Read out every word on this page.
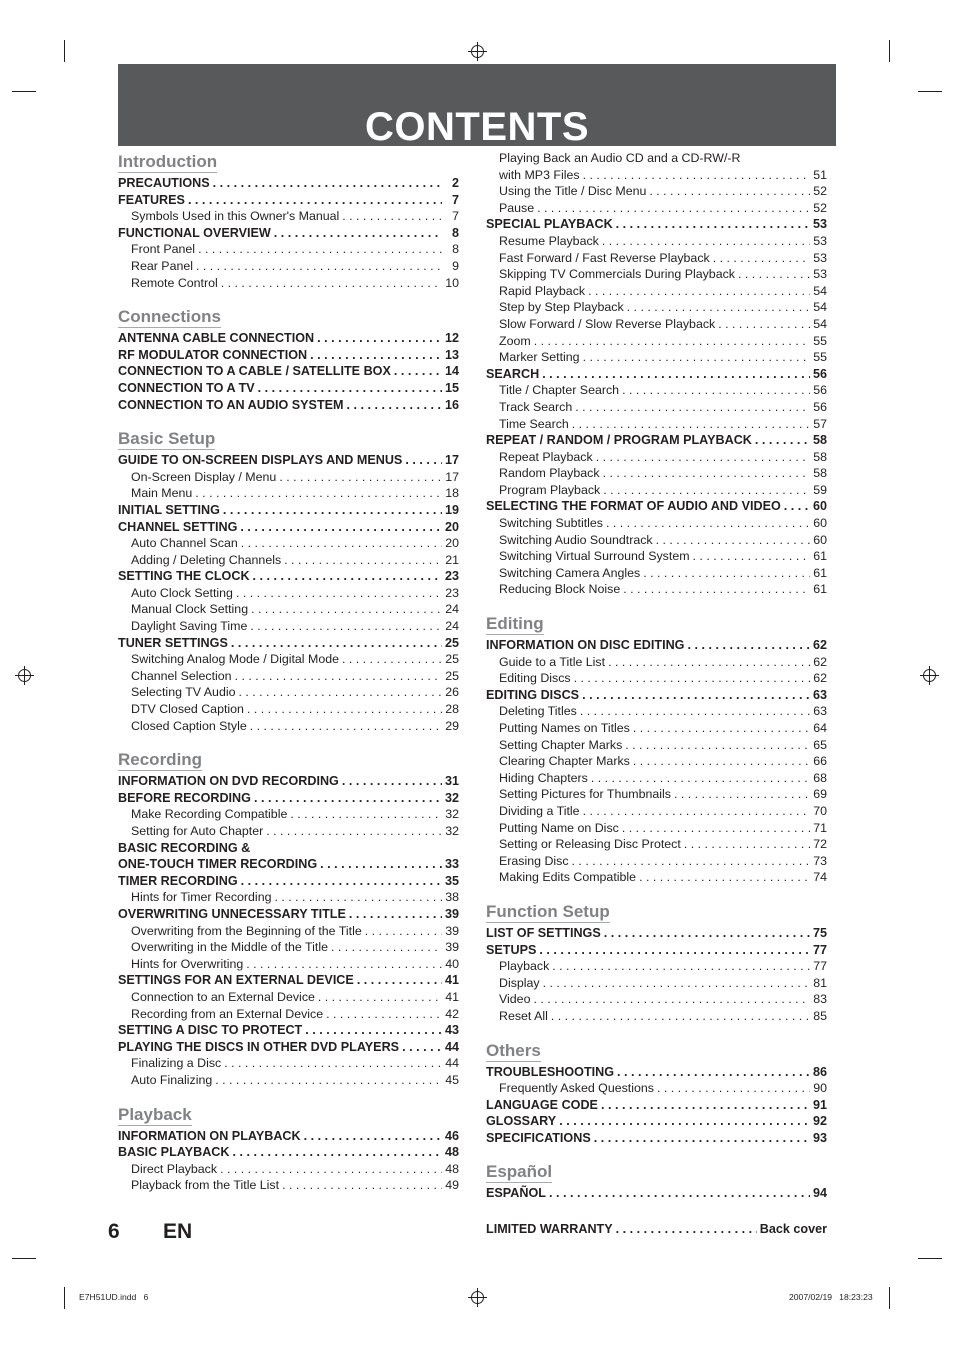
CONTENTS
Introduction
PRECAUTIONS . . .	2
FEATURES . . .	7
Symbols Used in this Owner's Manual . . .	7
FUNCTIONAL OVERVIEW . . .	8
Front Panel . . .	8
Rear Panel . . .	9
Remote Control . . .	10
Connections
ANTENNA CABLE CONNECTION . . .	12
RF MODULATOR CONNECTION . . .	13
CONNECTION TO A CABLE / SATELLITE BOX . . .	14
CONNECTION TO A TV . . .	15
CONNECTION TO AN AUDIO SYSTEM . . .	16
Basic Setup
GUIDE TO ON-SCREEN DISPLAYS AND MENUS . . .	17
On-Screen Display / Menu . . .	17
Main Menu . . .	18
INITIAL SETTING . . .	19
CHANNEL SETTING . . .	20
Auto Channel Scan . . .	20
Adding / Deleting Channels . . .	21
SETTING THE CLOCK . . .	23
Auto Clock Setting . . .	23
Manual Clock Setting . . .	24
Daylight Saving Time . . .	24
TUNER SETTINGS . . .	25
Switching Analog Mode / Digital Mode . . .	25
Channel Selection . . .	25
Selecting TV Audio . . .	26
DTV Closed Caption . . .	28
Closed Caption Style . . .	29
Recording
INFORMATION ON DVD RECORDING . . .	31
BEFORE RECORDING . . .	32
Make Recording Compatible . . .	32
Setting for Auto Chapter . . .	32
BASIC RECORDING &
ONE-TOUCH TIMER RECORDING . . .	33
TIMER RECORDING . . .	35
Hints for Timer Recording . . .	38
OVERWRITING UNNECESSARY TITLE . . .	39
Overwriting from the Beginning of the Title . . .	39
Overwriting in the Middle of the Title . . .	39
Hints for Overwriting . . .	40
SETTINGS FOR AN EXTERNAL DEVICE . . .	41
Connection to an External Device . . .	41
Recording from an External Device . . .	42
SETTING A DISC TO PROTECT . . .	43
PLAYING THE DISCS IN OTHER DVD PLAYERS . . .	44
Finalizing a Disc . . .	44
Auto Finalizing . . .	45
Playback
INFORMATION ON PLAYBACK . . .	46
BASIC PLAYBACK . . .	48
Direct Playback . . .	48
Playback from the Title List . . .	49
Playing Back an Audio CD and a CD-RW/-R
with MP3 Files . . .	51
Using the Title / Disc Menu . . .	52
Pause . . .	52
SPECIAL PLAYBACK . . .	53
Resume Playback . . .	53
Fast Forward / Fast Reverse Playback . . .	53
Skipping TV Commercials During Playback . . .	53
Rapid Playback . . .	54
Step by Step Playback . . .	54
Slow Forward / Slow Reverse Playback . . .	54
Zoom . . .	55
Marker Setting . . .	55
SEARCH . . .	56
Title / Chapter Search . . .	56
Track Search . . .	56
Time Search . . .	57
REPEAT / RANDOM / PROGRAM PLAYBACK . . .	58
Repeat Playback . . .	58
Random Playback . . .	58
Program Playback . . .	59
SELECTING THE FORMAT OF AUDIO AND VIDEO . . .	60
Switching Subtitles . . .	60
Switching Audio Soundtrack . . .	60
Switching Virtual Surround System . . .	61
Switching Camera Angles . . .	61
Reducing Block Noise . . .	61
Editing
INFORMATION ON DISC EDITING . . .	62
Guide to a Title List . . .	62
Editing Discs . . .	62
EDITING DISCS . . .	63
Deleting Titles . . .	63
Putting Names on Titles . . .	64
Setting Chapter Marks . . .	65
Clearing Chapter Marks . . .	66
Hiding Chapters . . .	68
Setting Pictures for Thumbnails . . .	69
Dividing a Title . . .	70
Putting Name on Disc . . .	71
Setting or Releasing Disc Protect . . .	72
Erasing Disc . . .	73
Making Edits Compatible . . .	74
Function Setup
LIST OF SETTINGS . . .	75
SETUPS . . .	77
Playback . . .	77
Display . . .	81
Video . . .	83
Reset All . . .	85
Others
TROUBLESHOOTING . . .	86
Frequently Asked Questions . . .	90
LANGUAGE CODE . . .	91
GLOSSARY . . .	92
SPECIFICATIONS . . .	93
Español
ESPAÑOL . . .	94
LIMITED WARRANTY . . .	Back cover
6 EN
E7H51UD.indd   6	2007/02/19   18:23:23
